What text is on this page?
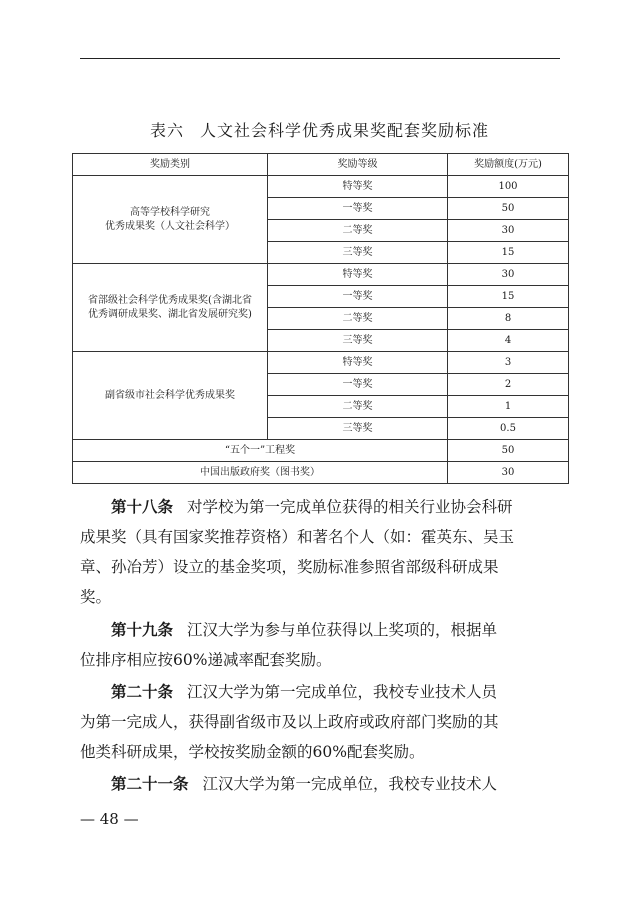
表六 人文社会科学优秀成果奖配套奖励标准
奖励类别	奖励等级	奖励额度(万元)

高等学校科学研究
优秀成果奖（人文社会科学）	特等奖	100
	一等奖	50
	二等奖	30
	三等奖	15

省部级社会科学优秀成果奖(含湖北省
优秀调研成果奖、湖北省发展研究奖)	特等奖	30
	一等奖	15
	二等奖	8
	三等奖	4

副省级市社会科学优秀成果奖	特等奖	3
	一等奖	2
	二等奖	1
	三等奖	0.5
“五个一”工程奖		50
中国出版政府奖（图书奖）		30

第十八条 对学校为第一完成单位获得的相关行业协会科研

成果奖（具有国家奖推荐资格）和著名个人（如：霍英东、吴玉

章、孙冶芳）设立的基金奖项，奖励标准参照省部级科研成果

奖。

第十九条 江汉大学为参与单位获得以上奖项的，根据单

位排序相应按60%递减率配套奖励。

第二十条 江汉大学为第一完成单位，我校专业技术人员

为第一完成人，获得副省级市及以上政府或政府部门奖励的其

他类科研成果，学校按奖励金额的60%配套奖励。

第二十一条 江汉大学为第一完成单位，我校专业技术人

— 48 —
